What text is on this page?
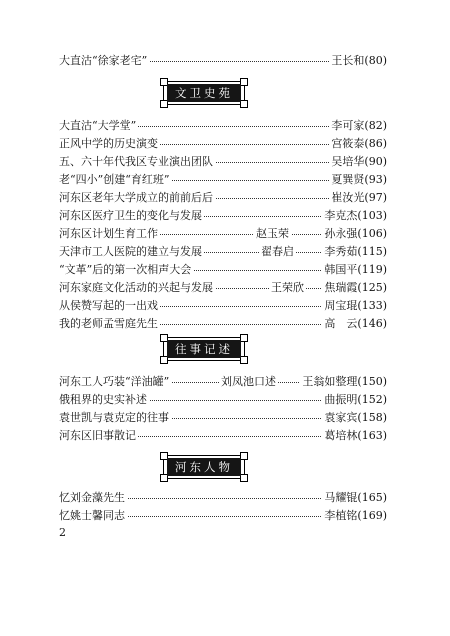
大直沽“徐家老宅”	王长和(80)
文卫史苑
大直沽“大学堂”	李可家(82)
正风中学的历史演变	宫筱泰(86)
五、六十年代我区专业演出团队	吴培华(90)
老“四小”创建“育红班”	夏巽贤(93)
河东区老年大学成立的前前后后	崔汝光(97)
河东区医疗卫生的变化与发展	李克杰(103)
河东区计划生育工作	赵玉荣	孙永强(106)
天津市工人医院的建立与发展	翟春启	李秀茹(115)
“文革”后的第一次相声大会	韩国平(119)
河东家庭文化活动的兴起与发展	王荣欣 焦瑞霞(125)
从侯赞写起的一出戏	周宝琨(133)
我的老师孟雪庭先生	高　云(146)
往事记述
河东工人巧装“洋油罐”	刘凤池口述 王翁如整理(150)
俄租界的史实补述	曲振明(152)
袁世凯与袁克定的往事	袁家宾(158)
河东区旧事散记	葛培林(163)
河东人物
忆刘金藻先生	马耀锟(165)
忆姚士馨同志	李植铭(169)
2
